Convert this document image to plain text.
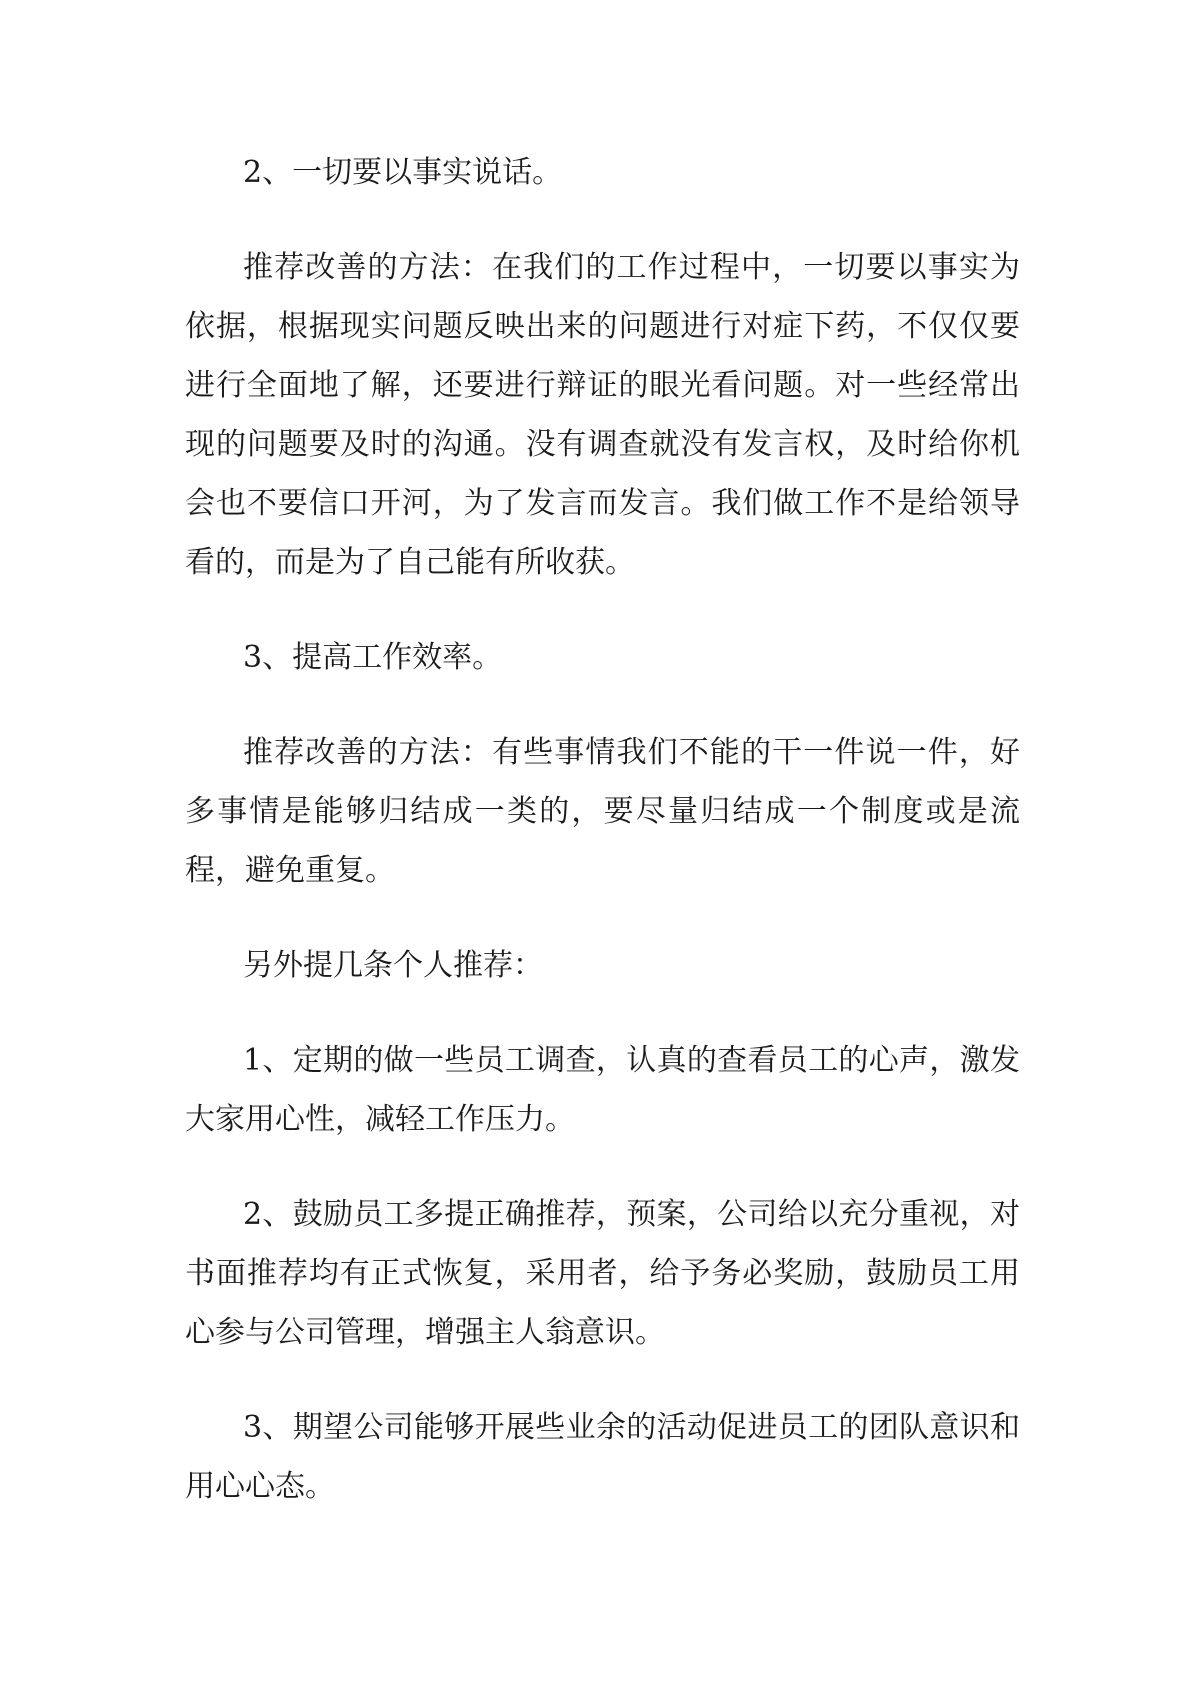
2、一切要以事实说话。

推荐改善的方法：在我们的工作过程中，一切要以事实为依据，根据现实问题反映出来的问题进行对症下药，不仅仅要进行全面地了解，还要进行辩证的眼光看问题。对一些经常出现的问题要及时的沟通。没有调查就没有发言权，及时给你机会也不要信口开河，为了发言而发言。我们做工作不是给领导看的，而是为了自己能有所收获。

3、提高工作效率。

推荐改善的方法：有些事情我们不能的干一件说一件，好多事情是能够归结成一类的，要尽量归结成一个制度或是流程，避免重复。

另外提几条个人推荐：

1、定期的做一些员工调查，认真的查看员工的心声，激发大家用心性，减轻工作压力。

2、鼓励员工多提正确推荐，预案，公司给以充分重视，对书面推荐均有正式恢复，采用者，给予务必奖励，鼓励员工用心参与公司管理，增强主人翁意识。

3、期望公司能够开展些业余的活动促进员工的团队意识和用心心态。
